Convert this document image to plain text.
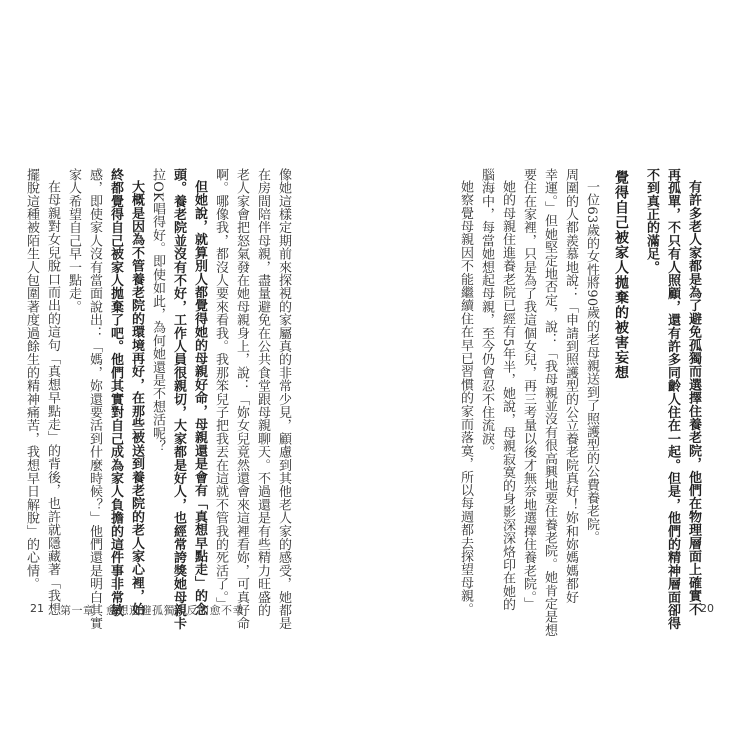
像她這樣定期前來探視的家屬真的非常少見，顧慮到其他老人家的感受，她都是
在房間陪伴母親，盡量避免在公共食堂跟母親聊天。不過還是有些精力旺盛的
老人家會把怒氣發在她母親身上，說：「妳女兒竟然還會來這裡看妳，可真好命
啊。哪像我，都沒人要來看我。我那笨兒子把我丟在這就不管我的死活了。」
但她說，就算別人都覺得她的母親好命，母親還是會有「真想早點走」的念
頭。養老院並沒有不好，工作人員很親切，大家都是好人，也經常誇獎她母親卡
拉OK唱得好。即使如此，為何她還是不想活呢？
大概是因為不管養老院的環境再好，在那些被送到養老院的老人家心裡，始
終都覺得自己被家人拋棄了吧。他們其實對自己成為家人負擔的這件事非常敏
感，即使家人沒有當面說出：「媽，妳還要活到什麼時候？」他們還是明白其實
家人希望自己早一點走。
在母親對女兒脫口而出的這句「真想早點走」的背後，也許就隱藏著「我想
擺脫這種被陌生人包圍著度過餘生的精神痛苦，我想早日解脫」的心情。
21 第一章　愈想逃避孤獨，反而愈不幸	有許多老人家都是為了避免孤獨而選擇住養老院，他們在物理層面上確實不
再孤單，不只有人照顧，還有許多同齡人住在一起。但是，他們的精神層面卻得
不到真正的滿足。
覺得自己被家人拋棄的被害妄想
一位63歲的女性將90歲的老母親送到了照護型的公費養老院。
周圍的人都羨慕地說：「申請到照護型的公立養老院真好！妳和妳媽媽都好
幸運。」但她堅定地否定，說：「我母親並沒有很高興地要住養老院。她肯定是想
要住在家裡，只是為了我這個女兒，再三考量以後才無奈地選擇住養老院。」
她的母親住進養老院已經有5年半，她說，母親寂寞的身影深深烙印在她的
腦海中，每當她想起母親，至今仍會忍不住流淚。
她察覺母親因不能繼續住在早已習慣的家而落寞，所以每週都去探望母親。	20
